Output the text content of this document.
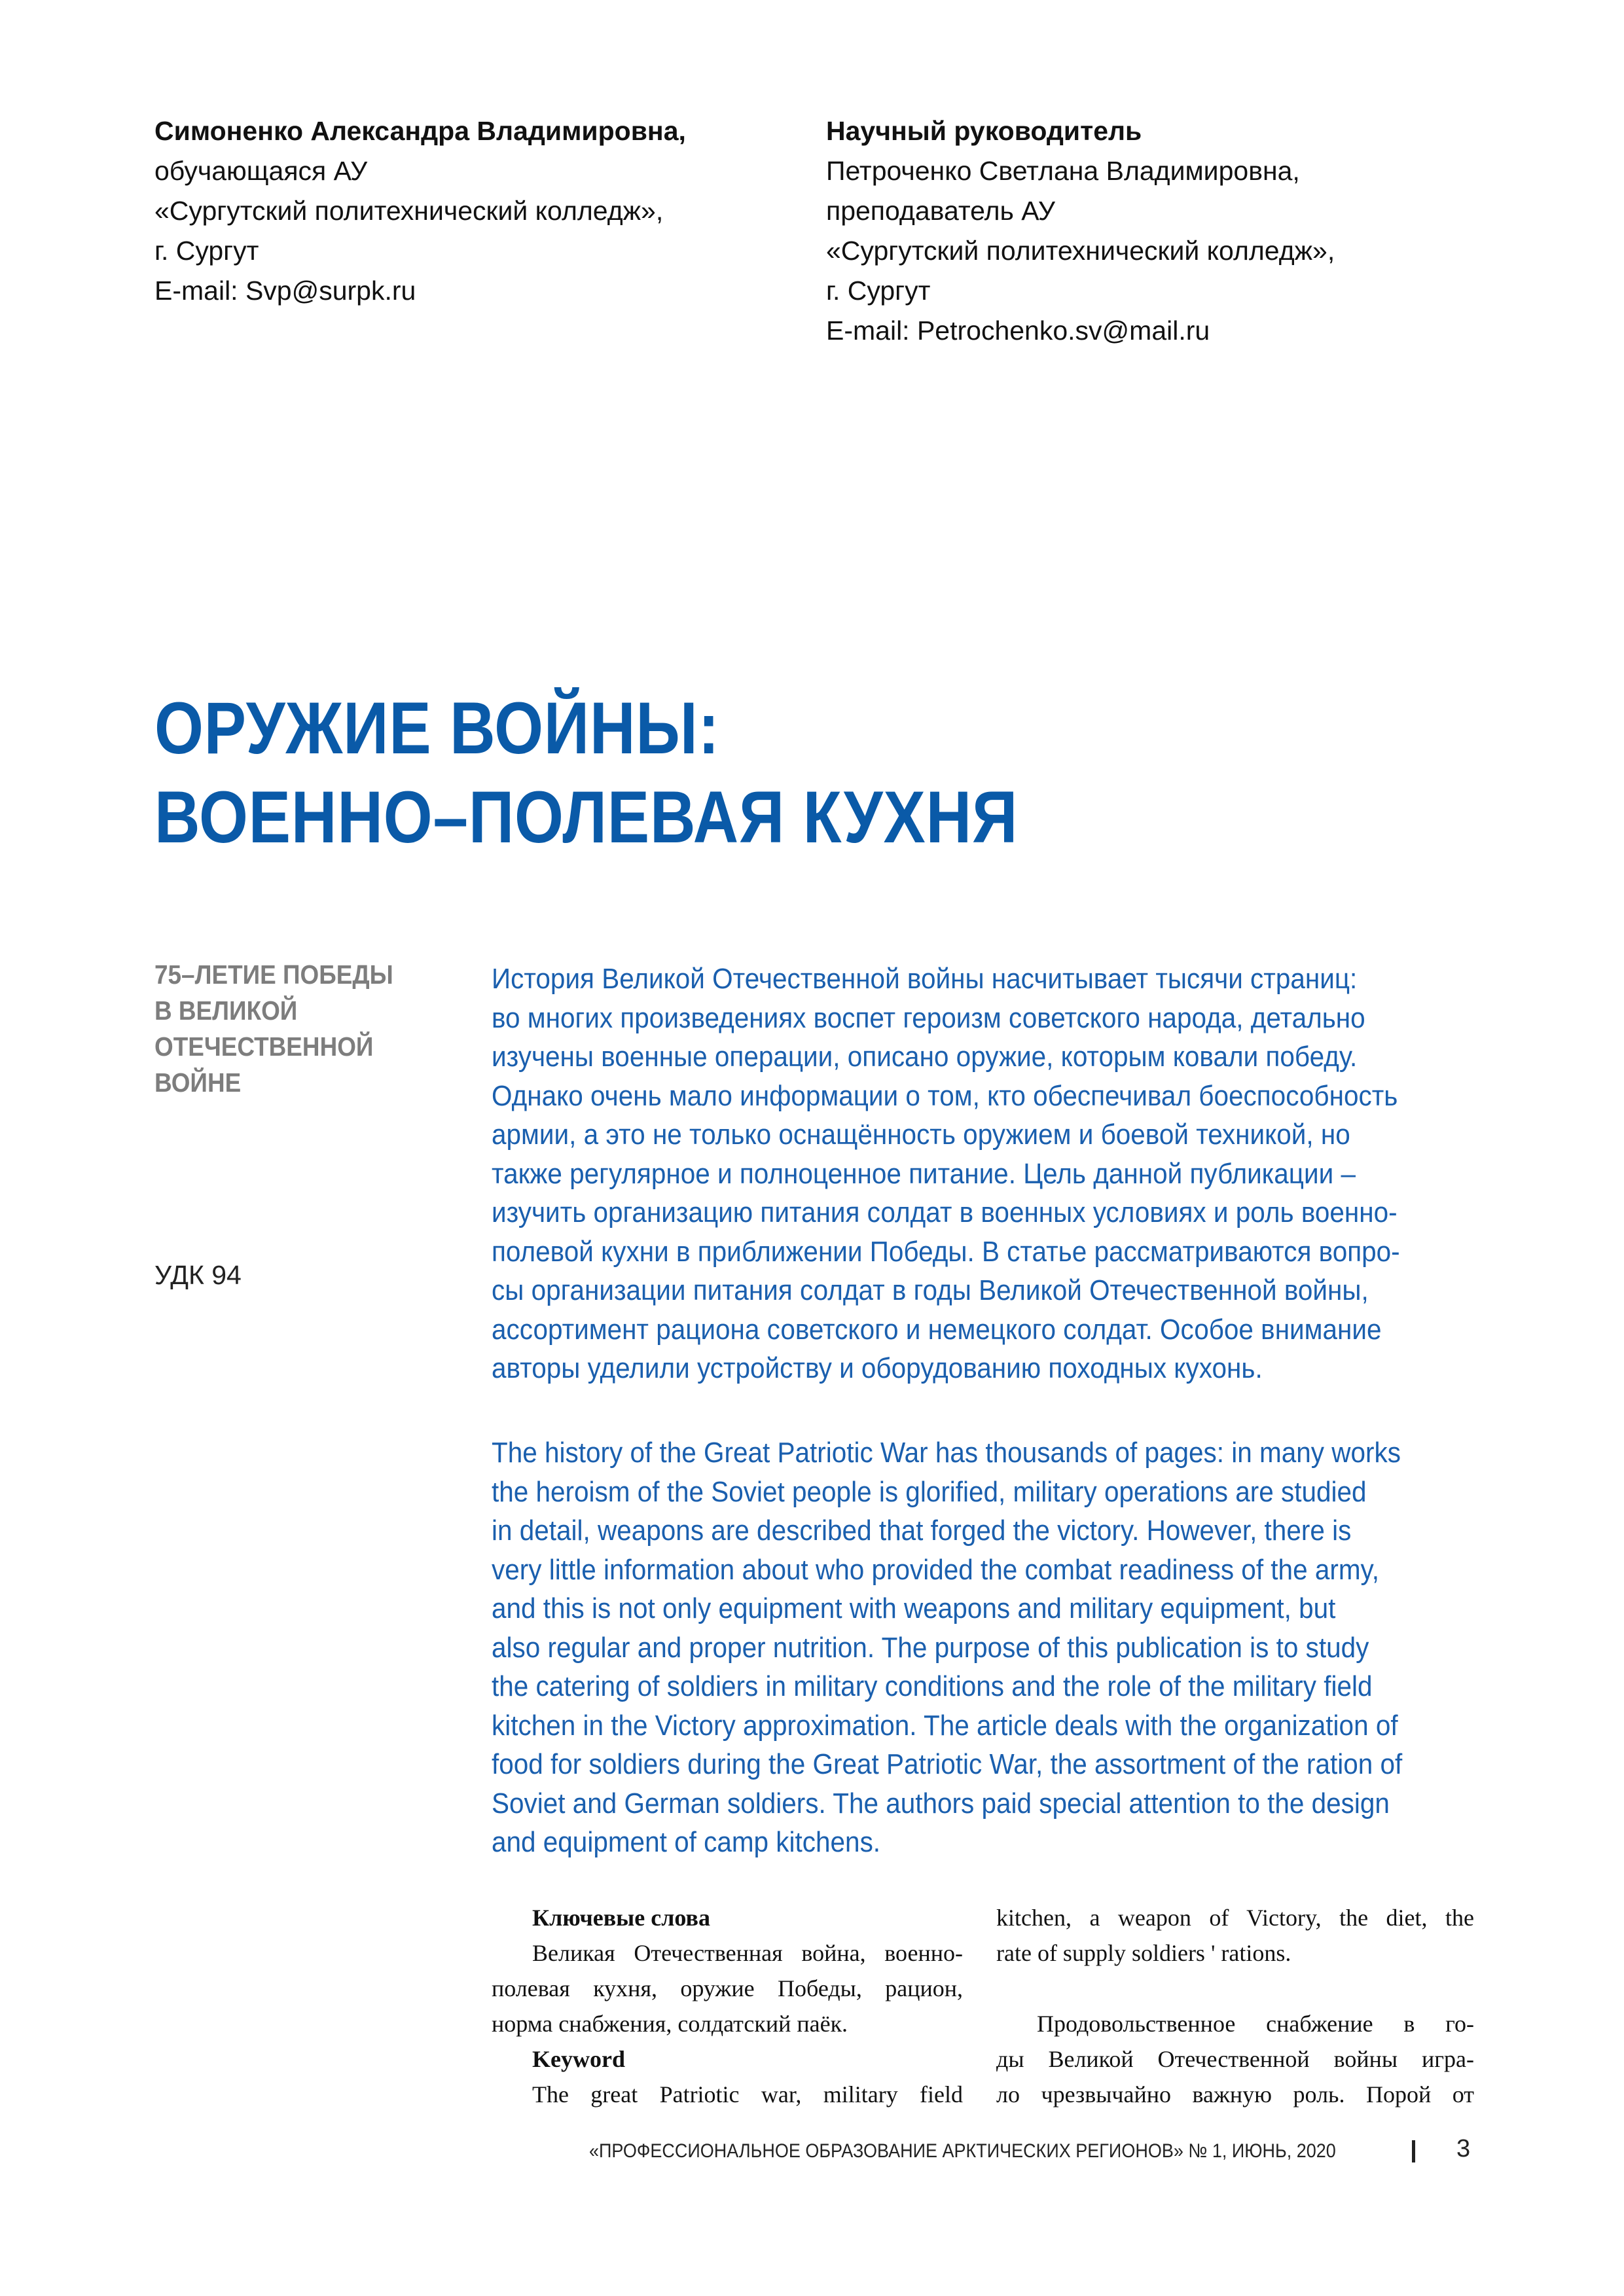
Симоненко Александра Владимировна,
обучающаяся АУ
«Сургутский политехнический колледж»,
г. Сургут
E-mail: Svp@surpk.ru
Научный руководитель
Петроченко Светлана Владимировна,
преподаватель АУ
«Сургутский политехнический колледж»,
г. Сургут
E-mail: Petrochenko.sv@mail.ru
ОРУЖИЕ ВОЙНЫ:
ВОЕННО–ПОЛЕВАЯ КУХНЯ
75–ЛЕТИЕ ПОБЕДЫ
В ВЕЛИКОЙ
ОТЕЧЕСТВЕННОЙ
ВОЙНЕ
УДК 94
История Великой Отечественной войны насчитывает тысячи страниц:
во многих произведениях воспет героизм советского народа, детально
изучены военные операции, описано оружие, которым ковали победу.
Однако очень мало информации о том, кто обеспечивал боеспособность
армии, а это не только оснащённость оружием и боевой техникой, но
также регулярное и полноценное питание. Цель данной публикации –
изучить организацию питания солдат в военных условиях и роль военно-
полевой кухни в приближении Победы. В статье рассматриваются вопро-
сы организации питания солдат в годы Великой Отечественной войны,
ассортимент рациона советского и немецкого солдат. Особое внимание
авторы уделили устройству и оборудованию походных кухонь.
The history of the Great Patriotic War has thousands of pages: in many works
the heroism of the Soviet people is glorified, military operations are studied
in detail, weapons are described that forged the victory. However, there is
very little information about who provided the combat readiness of the army,
and this is not only equipment with weapons and military equipment, but
also regular and proper nutrition. The purpose of this publication is to study
the catering of soldiers in military conditions and the role of the military field
kitchen in the Victory approximation. The article deals with the organization of
food for soldiers during the Great Patriotic War, the assortment of the ration of
Soviet and German soldiers. The authors paid special attention to the design
and equipment of camp kitchens.
Ключевые слова
Великая Отечественная война, военно-
полевая кухня, оружие Победы, рацион,
норма снабжения, солдатский паёк.
Keyword
The great Patriotic war, military field
kitchen, a weapon of Victory, the diet, the
rate of supply soldiers ' rations.
Продовольственное снабжение в го-
ды Великой Отечественной войны игра-
ло чрезвычайно важную роль. Порой от
«ПРОФЕССИОНАЛЬНОЕ ОБРАЗОВАНИЕ АРКТИЧЕСКИХ РЕГИОНОВ» № 1, ИЮНЬ, 2020	3
